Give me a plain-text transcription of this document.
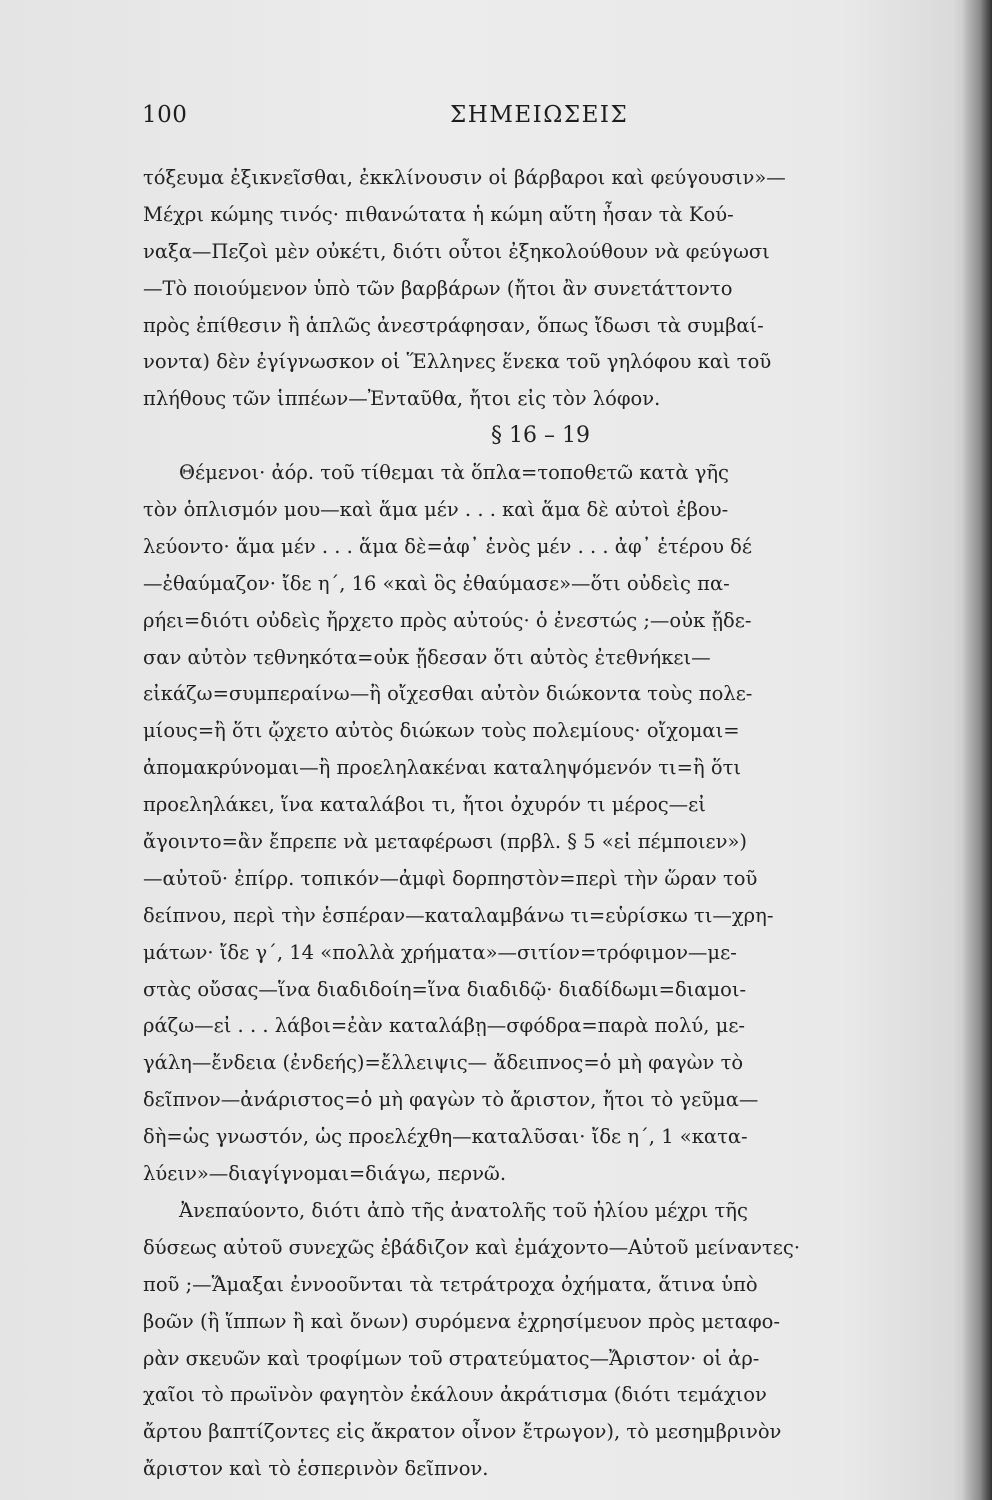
100	ΣΗΜΕΙΩΣΕΙΣ
τόξευμα ἐξικνεῖσθαι, ἐκκλίνουσιν οἱ βάρβαροι καὶ φεύγουσιν»—
Μέχρι κώμης τινός· πιθανώτατα ἡ κώμη αὕτη ἦσαν τὰ Κού-
ναξα—Πεζοὶ μὲν οὐκέτι, διότι οὗτοι ἐξηκολούθουν νὰ φεύγωσι
—Τὸ ποιούμενον ὑπὸ τῶν βαρβάρων (ἤτοι ἂν συνετάττοντο
πρὸς ἐπίθεσιν ἢ ἁπλῶς ἀνεστράφησαν, ὅπως ἴδωσι τὰ συμβαί-
νοντα) δὲν ἐγίγνωσκον οἱ Ἕλληνες ἕνεκα τοῦ γηλόφου καὶ τοῦ
πλήθους τῶν ἱππέων—Ἐνταῦθα, ἤτοι εἰς τὸν λόφον.
§ 16 – 19
Θέμενοι· ἀόρ. τοῦ τίθεμαι τὰ ὅπλα=τοποθετῶ κατὰ γῆς
τὸν ὁπλισμόν μου—καὶ ἅμα μέν . . . καὶ ἅμα δὲ αὐτοὶ ἐβου-
λεύοντο· ἅμα μέν . . . ἅμα δὲ=ἀφ᾽ ἑνὸς μέν . . . ἀφ᾽ ἑτέρου δέ
—ἐθαύμαζον· ἴδε η΄, 16 «καὶ ὃς ἐθαύμασε»—ὅτι οὐδεὶς πα-
ρήει=διότι οὐδεὶς ἤρχετο πρὸς αὐτούς· ὁ ἐνεστώς ;—οὐκ ᾔδε-
σαν αὐτὸν τεθνηκότα=οὐκ ᾔδεσαν ὅτι αὐτὸς ἐτεθνήκει—
εἰκάζω=συμπεραίνω—ἢ οἴχεσθαι αὐτὸν διώκοντα τοὺς πολε-
μίους=ἢ ὅτι ᾤχετο αὐτὸς διώκων τοὺς πολεμίους· οἴχομαι=
ἀπομακρύνομαι—ἢ προεληλακέναι καταληψόμενόν τι=ἢ ὅτι
προεληλάκει, ἵνα καταλάβοι τι, ἤτοι ὀχυρόν τι μέρος—εἰ
ἄγοιντο=ἂν ἔπρεπε νὰ μεταφέρωσι (πρβλ. § 5 «εἰ πέμποιεν»)
—αὐτοῦ· ἐπίρρ. τοπικόν—ἀμφὶ δορπηστὸν=περὶ τὴν ὥραν τοῦ
δείπνου, περὶ τὴν ἑσπέραν—καταλαμβάνω τι=εὑρίσκω τι—χρη-
μάτων· ἴδε γ΄, 14 «πολλὰ χρήματα»—σιτίον=τρόφιμον—με-
στὰς οὔσας—ἵνα διαδιδοίη=ἵνα διαδιδῷ· διαδίδωμι=διαμοι-
ράζω—εἰ . . . λάβοι=ἐὰν καταλάβῃ—σφόδρα=παρὰ πολύ, με-
γάλη—ἔνδεια (ἐνδεής)=ἔλλειψις— ἄδειπνος=ὁ μὴ φαγὼν τὸ
δεῖπνον—ἀνάριστος=ὁ μὴ φαγὼν τὸ ἄριστον, ἤτοι τὸ γεῦμα—
δὴ=ὡς γνωστόν, ὡς προελέχθη—καταλῦσαι· ἴδε η΄, 1 «κατα-
λύειν»—διαγίγνομαι=διάγω, περνῶ.
Ἀνεπαύοντο, διότι ἀπὸ τῆς ἀνατολῆς τοῦ ἡλίου μέχρι τῆς
δύσεως αὐτοῦ συνεχῶς ἐβάδιζον καὶ ἐμάχοντο—Αὐτοῦ μείναντες·
ποῦ ;—Ἅμαξαι ἐννοοῦνται τὰ τετράτροχα ὀχήματα, ἅτινα ὑπὸ
βοῶν (ἢ ἵππων ἢ καὶ ὄνων) συρόμενα ἐχρησίμευον πρὸς μεταφο-
ρὰν σκευῶν καὶ τροφίμων τοῦ στρατεύματος—Ἄριστον· οἱ ἀρ-
χαῖοι τὸ πρωϊνὸν φαγητὸν ἐκάλουν ἀκράτισμα (διότι τεμάχιον
ἄρτου βαπτίζοντες εἰς ἄκρατον οἶνον ἔτρωγον), τὸ μεσημβρινὸν
ἄριστον καὶ τὸ ἑσπερινὸν δεῖπνον.
